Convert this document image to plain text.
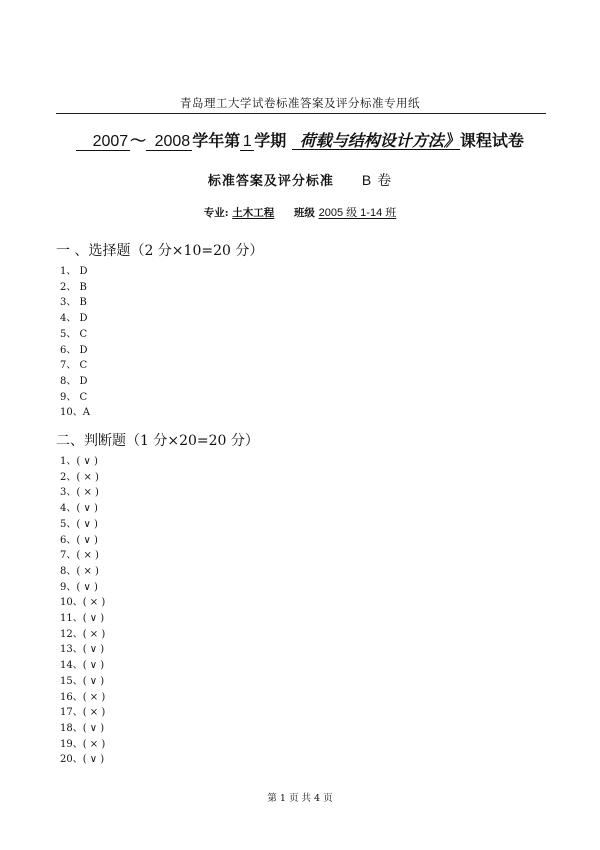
青岛理工大学试卷标准答案及评分标准专用纸
2007 ～ 2008 学年第 1 学期 荷载与结构设计方法》课程试卷
标准答案及评分标准 B 卷
专业: 土木工程 班级 2005 级 1-14 班
一 、选择题（2 分×10=20 分）
1、 D
2、 B
3、 B
4、 D
5、 C
6、 D
7、 C
8、 D
9、 C
10、A
二、判断题（1 分×20=20 分）
1、( ∨ )
2、( × )
3、( × )
4、( ∨ )
5、( ∨ )
6、( ∨ )
7、( × )
8、( × )
9、( ∨ )
10、( × )
11、( ∨ )
12、( × )
13、( ∨ )
14、( ∨ )
15、( ∨ )
16、( × )
17、( × )
18、( ∨ )
19、( × )
20、( ∨ )
第 1 页 共 4 页
